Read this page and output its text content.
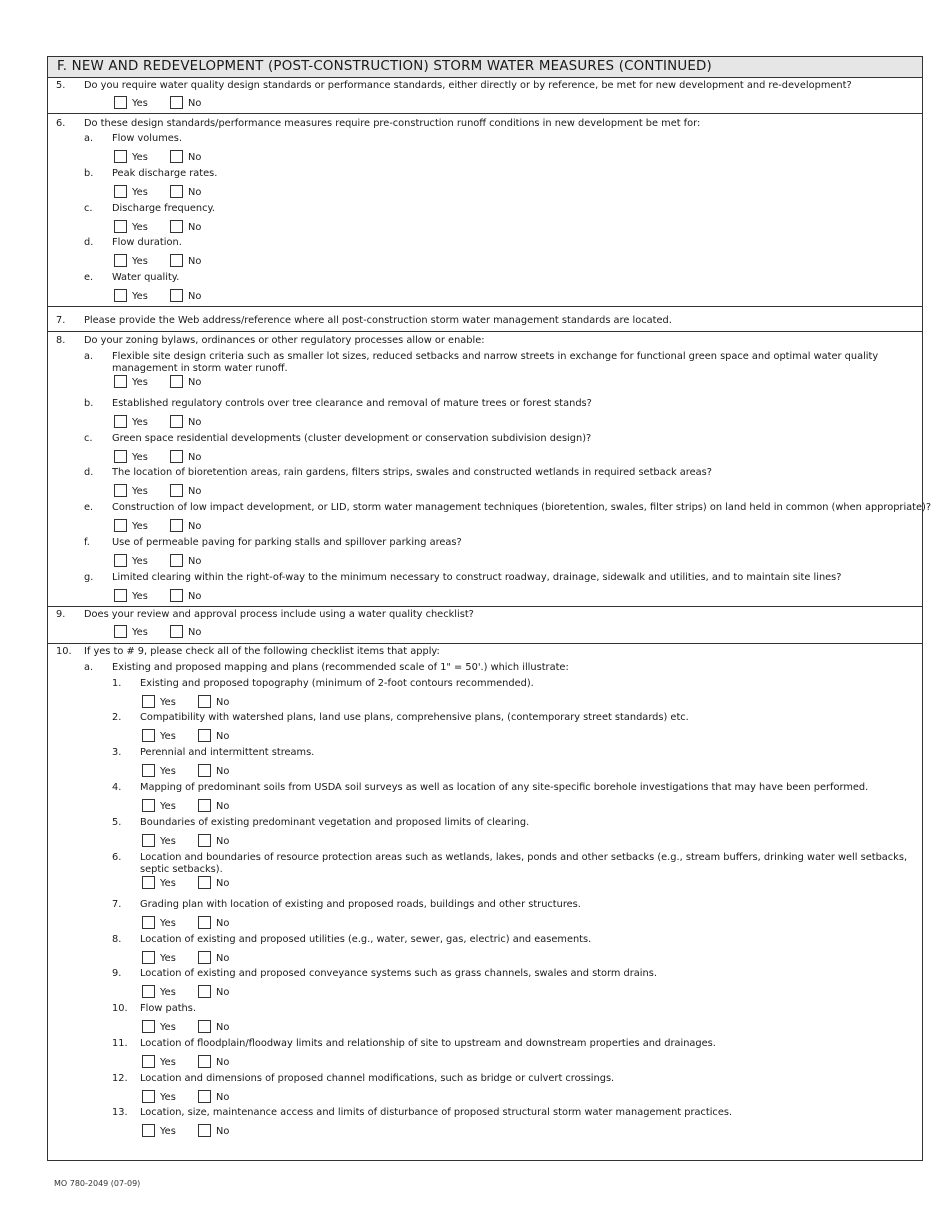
F. NEW AND REDEVELOPMENT (POST-CONSTRUCTION) STORM WATER MEASURES (CONTINUED)
5. Do you require water quality design standards or performance standards, either directly or by reference, be met for new development and re-development?
Yes	No
6. Do these design standards/performance measures require pre-construction runoff conditions in new development be met for:
a. Flow volumes.
Yes	No
b. Peak discharge rates.
Yes	No
c. Discharge frequency.
Yes	No
d. Flow duration.
Yes	No
e. Water quality.
Yes	No
7. Please provide the Web address/reference where all post-construction storm water management standards are located.
8. Do your zoning bylaws, ordinances or other regulatory processes allow or enable:
a. Flexible site design criteria such as smaller lot sizes, reduced setbacks and narrow streets in exchange for functional green space and optimal water quality management in storm water runoff.
Yes	No
b. Established regulatory controls over tree clearance and removal of mature trees or forest stands?
Yes	No
c. Green space residential developments (cluster development or conservation subdivision design)?
Yes	No
d. The location of bioretention areas, rain gardens, filters strips, swales and constructed wetlands in required setback areas?
Yes	No
e. Construction of low impact development, or LID, storm water management techniques (bioretention, swales, filter strips) on land held in common (when appropriate)?
Yes	No
f. Use of permeable paving for parking stalls and spillover parking areas?
Yes	No
g. Limited clearing within the right-of-way to the minimum necessary to construct roadway, drainage, sidewalk and utilities, and to maintain site lines?
Yes	No
9. Does your review and approval process include using a water quality checklist?
Yes	No
10. If yes to # 9, please check all of the following checklist items that apply:
a. Existing and proposed mapping and plans (recommended scale of 1" = 50'.) which illustrate:
1. Existing and proposed topography (minimum of 2-foot contours recommended).
Yes	No
2. Compatibility with watershed plans, land use plans, comprehensive plans, (contemporary street standards) etc.
Yes	No
3. Perennial and intermittent streams.
Yes	No
4. Mapping of predominant soils from USDA soil surveys as well as location of any site-specific borehole investigations that may have been performed.
Yes	No
5. Boundaries of existing predominant vegetation and proposed limits of clearing.
Yes	No
6. Location and boundaries of resource protection areas such as wetlands, lakes, ponds and other setbacks (e.g., stream buffers, drinking water well setbacks, septic setbacks).
Yes	No
7. Grading plan with location of existing and proposed roads, buildings and other structures.
Yes	No
8. Location of existing and proposed utilities (e.g., water, sewer, gas, electric) and easements.
Yes	No
9. Location of existing and proposed conveyance systems such as grass channels, swales and storm drains.
Yes	No
10. Flow paths.
Yes	No
11. Location of floodplain/floodway limits and relationship of site to upstream and downstream properties and drainages.
Yes	No
12. Location and dimensions of proposed channel modifications, such as bridge or culvert crossings.
Yes	No
13. Location, size, maintenance access and limits of disturbance of proposed structural storm water management practices.
Yes	No
MO 780-2049 (07-09)
